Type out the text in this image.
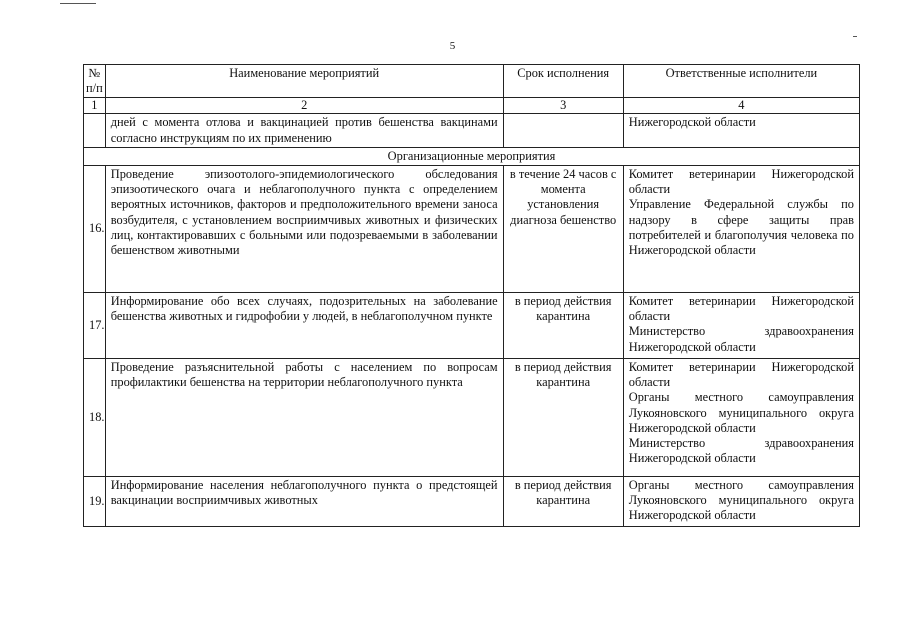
5
№ п/п	Наименование мероприятий	Срок исполнения	Ответственные исполнители
1	2	3	4
	дней с момента отлова и вакцинацией против бешенства вакцинами согласно инструкциям по их применению		Нижегородской области
Организационные мероприятия			
16.	Проведение эпизоотолого-эпидемиологического обследования эпизоотического очага и неблагополучного пункта с определением вероятных источников, факторов и предположительного времени заноса возбудителя, с установлением восприимчивых животных и физических лиц, контактировавших с больными или подозреваемыми в заболевании бешенством животными	в течение 24 часов с момента установления диагноза бешенство	Комитет ветеринарии Нижегородской области
Управление Федеральной службы по надзору в сфере защиты прав потребителей и благополучия человека по Нижегородской области

17.	Информирование обо всех случаях, подозрительных на заболевание бешенства животных и гидрофобии у людей, в неблагополучном пункте	в период действия карантина	Комитет ветеринарии Нижегородской области
Министерство здравоохранения Нижегородской области

18.	Проведение разъяснительной работы с населением по вопросам профилактики бешенства на территории неблагополучного пункта	в период действия карантина	Комитет ветеринарии Нижегородской области
Органы местного самоуправления Лукояновского муниципального округа Нижегородской области
Министерство здравоохранения Нижегородской области

19.	Информирование населения неблагополучного пункта о предстоящей вакцинации восприимчивых животных	в период действия карантина	Органы местного самоуправления Лукояновского муниципального округа Нижегородской области
